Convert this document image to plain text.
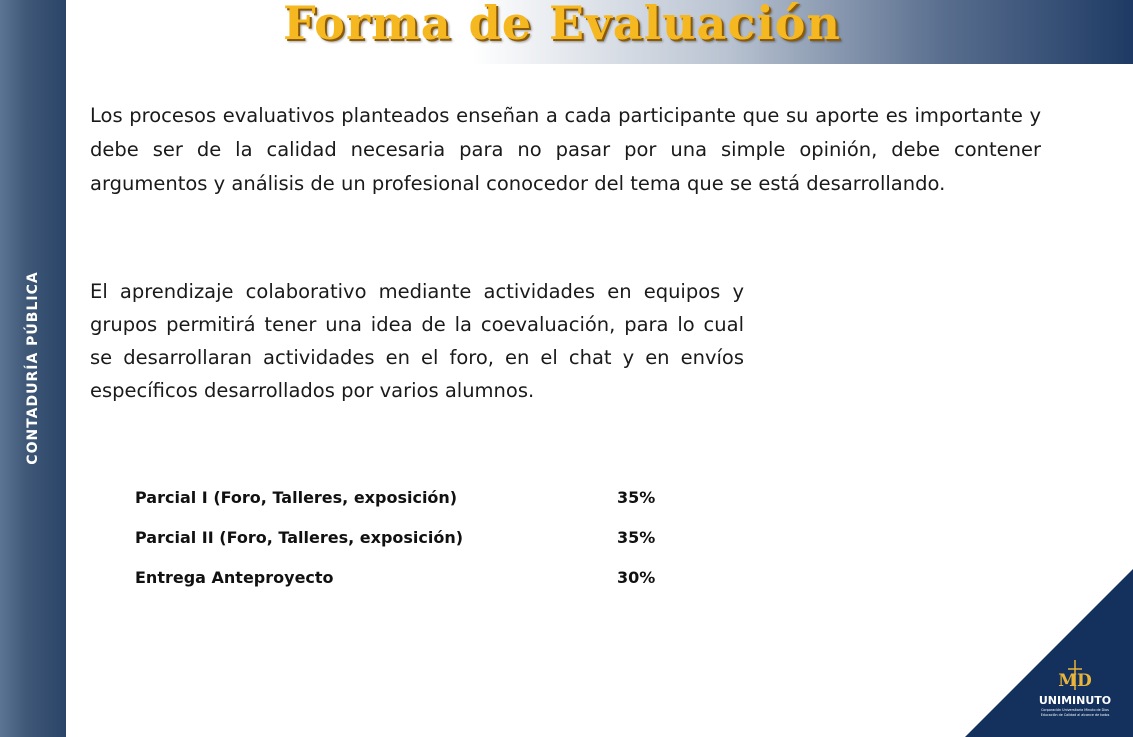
CONTADURÍA PÚBLICA
Forma de Evaluación

Los procesos evaluativos planteados enseñan a cada participante que su aporte es importante y debe ser de la calidad necesaria para no pasar por una simple opinión, debe contener argumentos y análisis de un profesional conocedor del tema que se está desarrollando.

El aprendizaje colaborativo mediante actividades en equipos y grupos permitirá tener una idea de la coevaluación, para lo cual se desarrollaran actividades en el foro, en el chat y en envíos específicos desarrollados por varios alumnos.

Parcial I (Foro, Talleres, exposición)	35%
Parcial II (Foro, Talleres, exposición)	35%
Entrega Anteproyecto	30%
MD
UNIMINUTO
Corporación Universitaria Minuto de Dios
Educación de Calidad al alcance de todos
